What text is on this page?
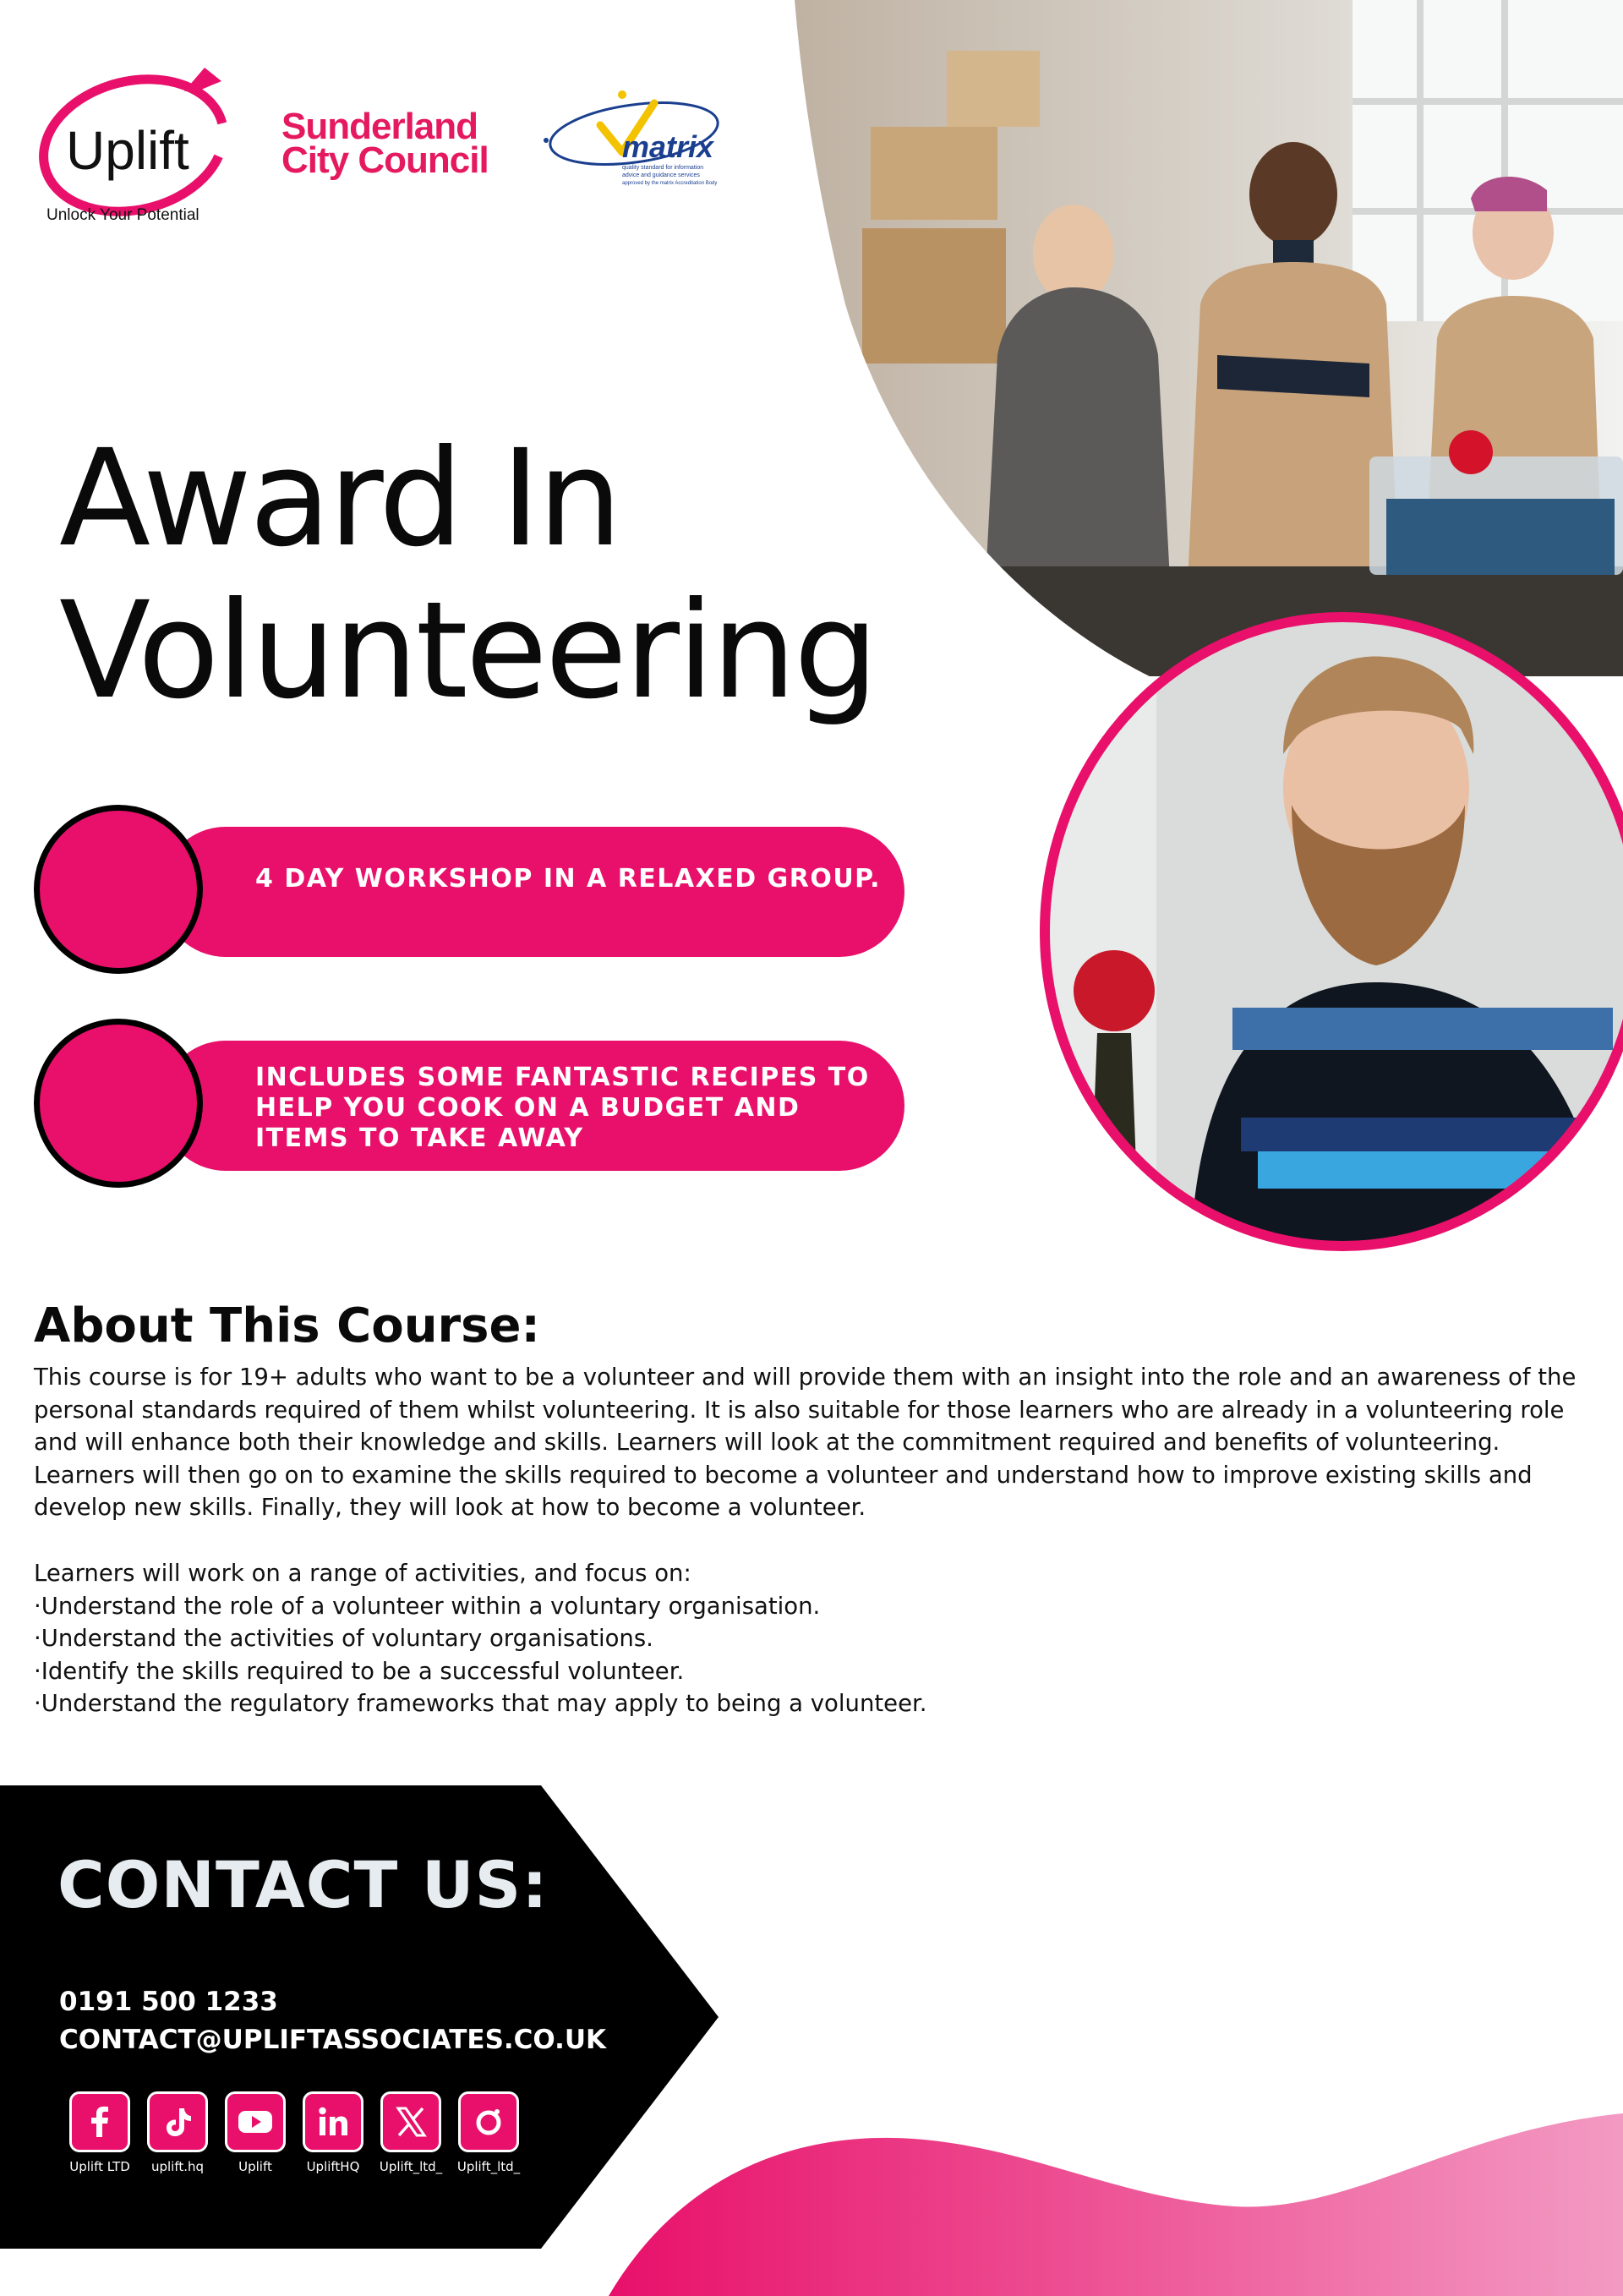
Uplift
Unlock Your Potential
Sunderland
City Council	matrix
quality standard for information
advice and guidance services
approved by the matrix Accreditation Body
Award In
Volunteering
4 DAY WORKSHOP IN A RELAXED GROUP.
INCLUDES SOME FANTASTIC RECIPES TO HELP YOU COOK ON A BUDGET AND ITEMS TO TAKE AWAY
About This Course:

This course is for 19+ adults who want to be a volunteer and will provide them with an insight into the role and an awareness of the personal standards required of them whilst volunteering. It is also suitable for those learners who are already in a volunteering role and will enhance both their knowledge and skills. Learners will look at the commitment required and benefits of volunteering. Learners will then go on to examine the skills required to become a volunteer and understand how to improve existing skills and develop new skills. Finally, they will look at how to become a volunteer.

Learners will work on a range of activities, and focus on:
·Understand the role of a volunteer within a voluntary organisation.
·Understand the activities of voluntary organisations.
·Identify the skills required to be a successful volunteer.
·Understand the regulatory frameworks that may apply to being a volunteer.
CONTACT US:
0191 500 1233
CONTACT@UPLIFTASSOCIATES.CO.UK
Uplift LTD	uplift.hq	Uplift	UpliftHQ	Uplift_ltd_	Uplift_ltd_
